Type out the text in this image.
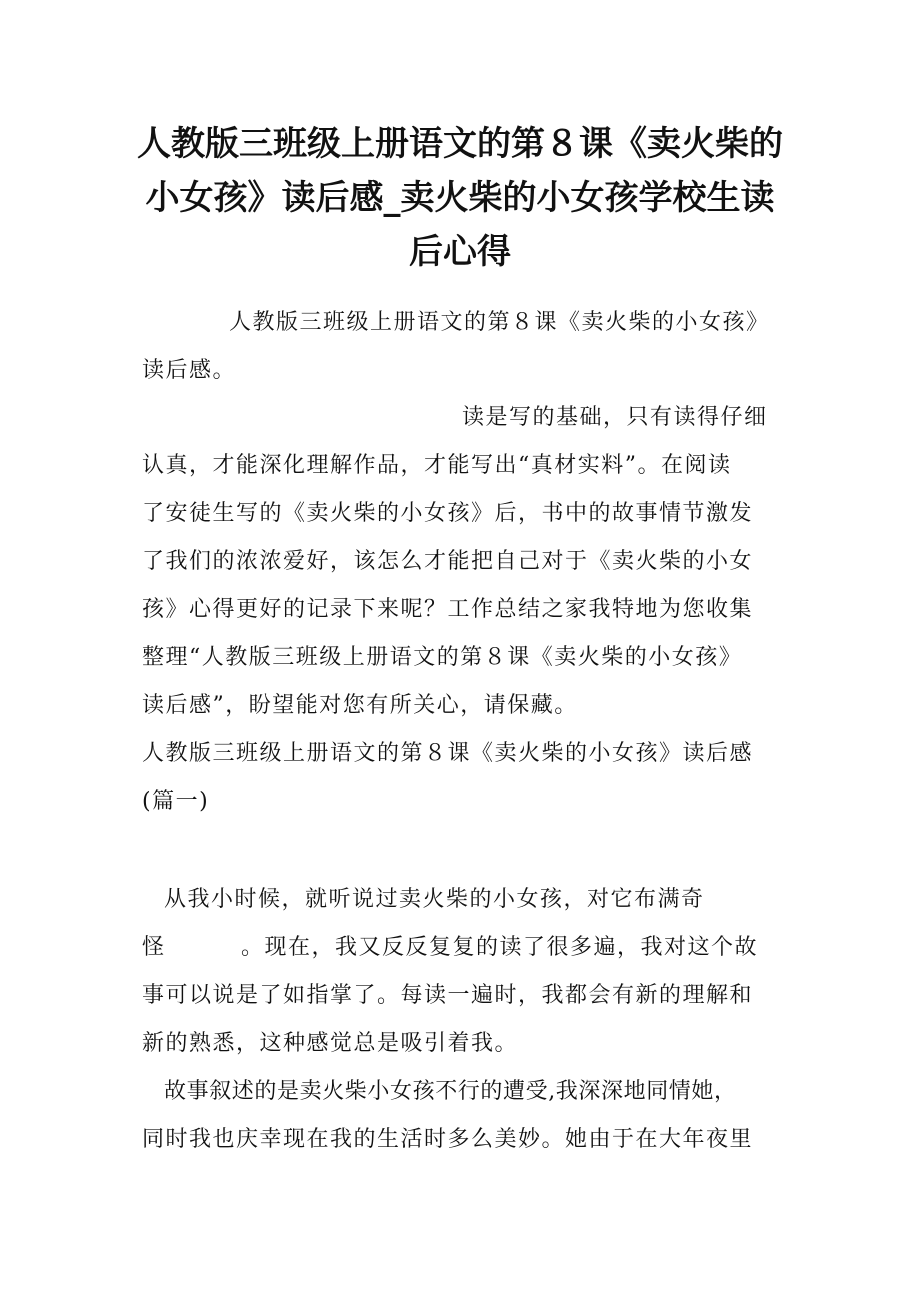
人教版三班级上册语文的第８课《卖火柴的
小女孩》读后感_卖火柴的小女孩学校生读
后心得
人教版三班级上册语文的第８课《卖火柴的小女孩》
读后感。
读是写的基础，只有读得仔细
认真，才能深化理解作品，才能写出“真材实料”。在阅读
了安徒生写的《卖火柴的小女孩》后，书中的故事情节激发
了我们的浓浓爱好，该怎么才能把自己对于《卖火柴的小女
孩》心得更好的记录下来呢？工作总结之家我特地为您收集
整理“人教版三班级上册语文的第８课《卖火柴的小女孩》
读后感”，盼望能对您有所关心，请保藏。
人教版三班级上册语文的第８课《卖火柴的小女孩》读后感
(篇一)
从我小时候，就听说过卖火柴的小女孩，对它布满奇
怪	。现在，我又反反复复的读了很多遍，我对这个故
事可以说是了如指掌了。每读一遍时，我都会有新的理解和
新的熟悉，这种感觉总是吸引着我。
故事叙述的是卖火柴小女孩不行的遭受,我深深地同情她，
同时我也庆幸现在我的生活时多么美妙。她由于在大年夜里
